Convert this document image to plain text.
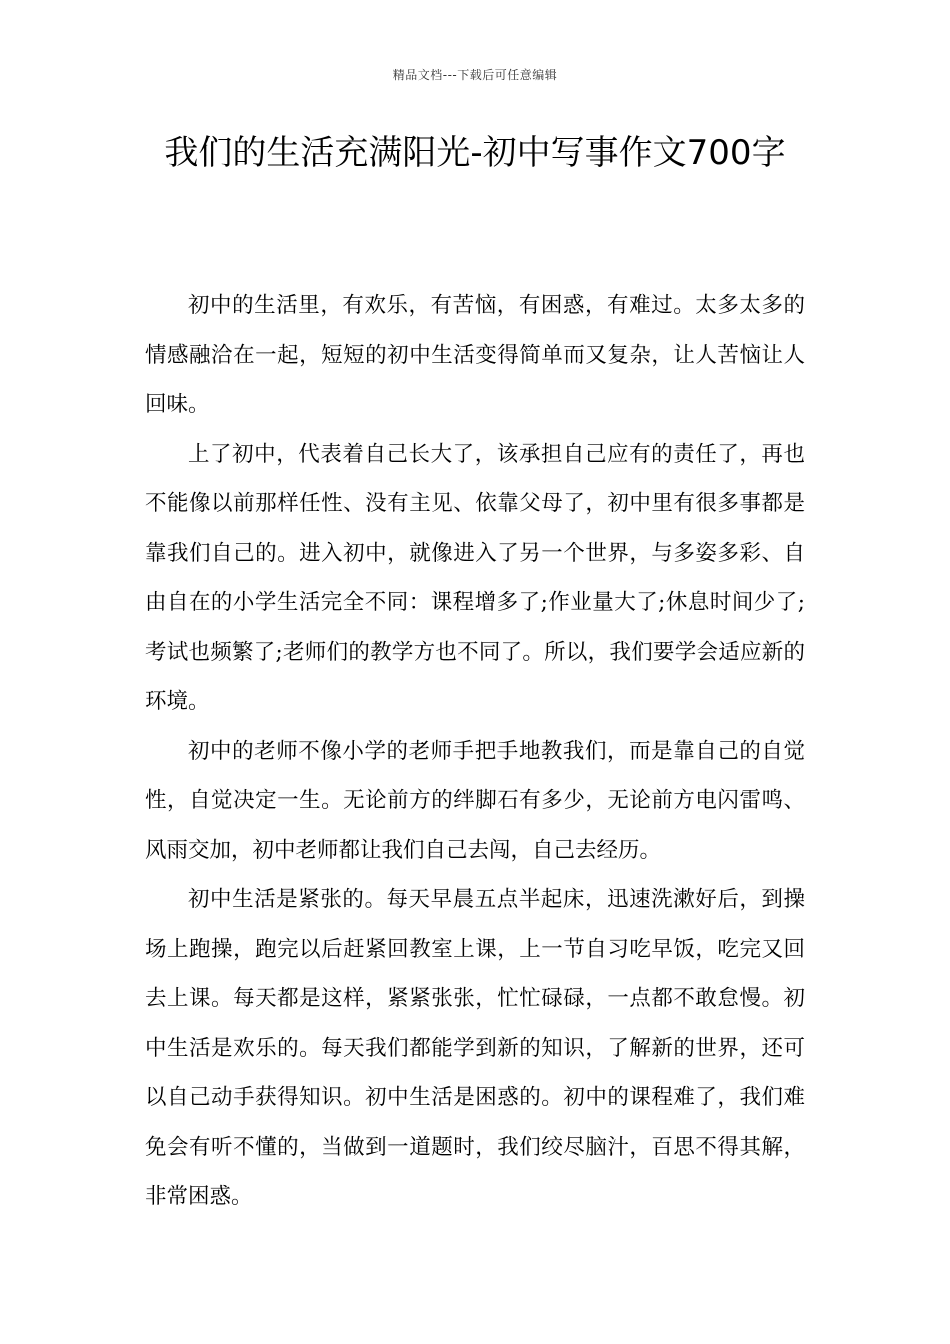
精品文档---下载后可任意编辑
我们的生活充满阳光-初中写事作文700字

初中的生活里，有欢乐，有苦恼，有困惑，有难过。太多太多的情感融洽在一起，短短的初中生活变得简单而又复杂，让人苦恼让人回味。

上了初中，代表着自己长大了，该承担自己应有的责任了，再也不能像以前那样任性、没有主见、依靠父母了，初中里有很多事都是靠我们自己的。进入初中，就像进入了另一个世界，与多姿多彩、自由自在的小学生活完全不同：课程增多了;作业量大了;休息时间少了;考试也频繁了;老师们的教学方也不同了。所以，我们要学会适应新的环境。

初中的老师不像小学的老师手把手地教我们，而是靠自己的自觉性，自觉决定一生。无论前方的绊脚石有多少，无论前方电闪雷鸣、风雨交加，初中老师都让我们自己去闯，自己去经历。

初中生活是紧张的。每天早晨五点半起床，迅速洗漱好后，到操场上跑操，跑完以后赶紧回教室上课，上一节自习吃早饭，吃完又回去上课。每天都是这样，紧紧张张，忙忙碌碌，一点都不敢怠慢。初中生活是欢乐的。每天我们都能学到新的知识，了解新的世界，还可以自己动手获得知识。初中生活是困惑的。初中的课程难了，我们难免会有听不懂的，当做到一道题时，我们绞尽脑汁，百思不得其解，非常困惑。
